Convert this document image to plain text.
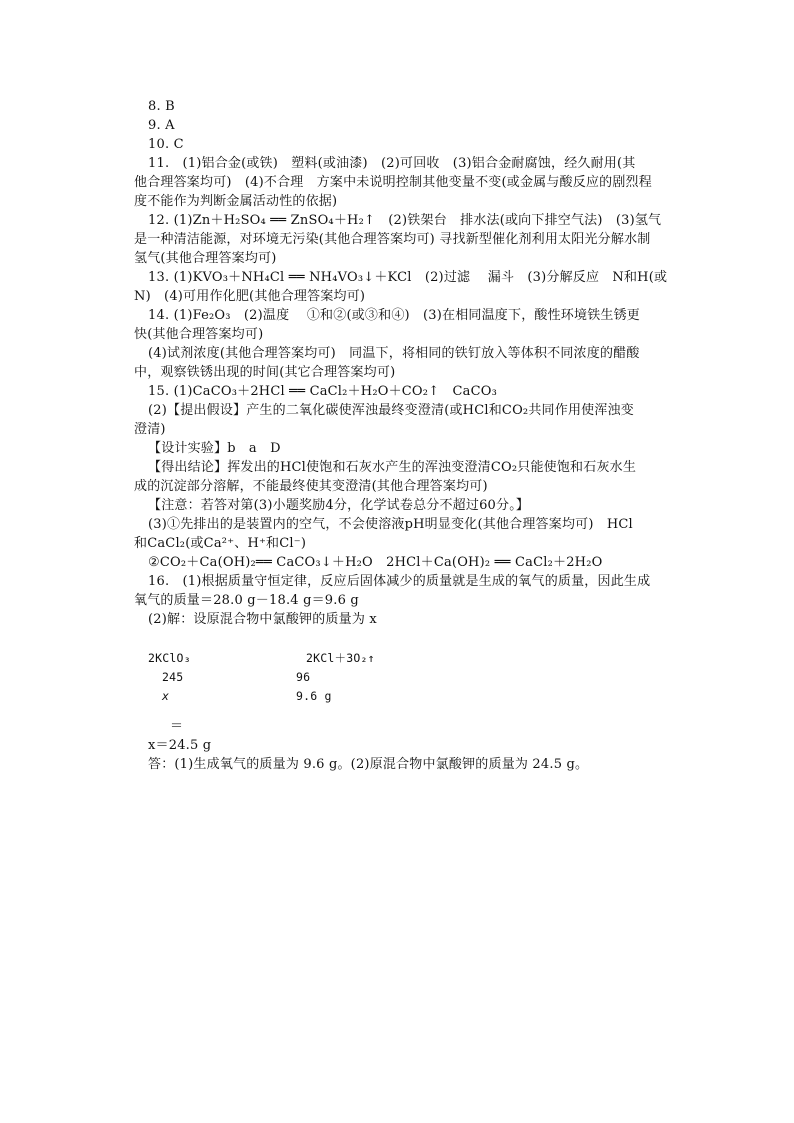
8. B
9. A
10. C
11.　(1)铝合金(或铁)　塑料(或油漆)　(2)可回收　(3)铝合金耐腐蚀，经久耐用(其
他合理答案均可)　(4)不合理　方案中未说明控制其他变量不变(或金属与酸反应的剧烈程
度不能作为判断金属活动性的依据)
12. (1)Zn＋H₂SO₄ ══ ZnSO₄＋H₂↑　(2)铁架台　排水法(或向下排空气法)　(3)氢气
是一种清洁能源，对环境无污染(其他合理答案均可) 寻找新型催化剂利用太阳光分解水制
氢气(其他合理答案均可)
13. (1)KVO₃＋NH₄Cl ══ NH₄VO₃↓＋KCl　(2)过滤　 漏斗　(3)分解反应　N和H(或
N)　(4)可用作化肥(其他合理答案均可)
14. (1)Fe₂O₃　(2)温度　 ①和②(或③和④)　(3)在相同温度下，酸性环境铁生锈更
快(其他合理答案均可)
(4)试剂浓度(其他合理答案均可)　同温下，将相同的铁钉放入等体积不同浓度的醋酸
中，观察铁锈出现的时间(其它合理答案均可)
15. (1)CaCO₃＋2HCl ══ CaCl₂＋H₂O＋CO₂↑　CaCO₃
(2)【提出假设】产生的二氧化碳使浑浊最终变澄清(或HCl和CO₂共同作用使浑浊变
澄清)
【设计实验】b　a　D
【得出结论】挥发出的HCl使饱和石灰水产生的浑浊变澄清CO₂只能使饱和石灰水生
成的沉淀部分溶解，不能最终使其变澄清(其他合理答案均可)
【注意：若答对第(3)小题奖励4分，化学试卷总分不超过60分。】
(3)①先排出的是装置内的空气，不会使溶液pH明显变化(其他合理答案均可)　HCl
和CaCl₂(或Ca²⁺、H⁺和Cl⁻)
②CO₂＋Ca(OH)₂══ CaCO₃↓＋H₂O　2HCl＋Ca(OH)₂ ══ CaCl₂＋2H₂O
16.　(1)根据质量守恒定律，反应后固体减少的质量就是生成的氧气的质量，因此生成
氧气的质量＝28.0 g－18.4 g＝9.6 g
(2)解：设原混合物中氯酸钾的质量为 x
2KClO₃	2KCl＋3O₂↑
245	96
x	9.6 g
＝
x＝24.5 g
答：(1)生成氧气的质量为 9.6 g。(2)原混合物中氯酸钾的质量为 24.5 g。
